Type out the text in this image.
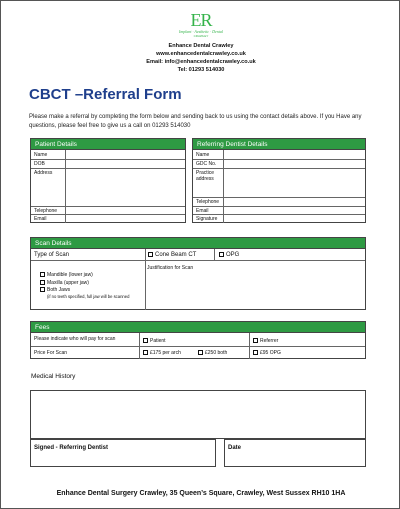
ER
Implant · Aesthetic · Dental
CRAWLEY
Enhance Dental Crawley
www.enhancedentalcrawley.co.uk
Email: info@enhancedentalcrawley.co.uk
Tel: 01293 514030
CBCT –Referral Form
Please make a referral by completing the form below and sending back to us using the contact details above. If you Have any questions, please feel free to give us a call on 01293 514030
Patient Details
Name
DOB
Address
Telephone
Email
Referring Dentist Details
Name
GDC No.
Practice
address
Telephone
Email
Signature
Scan Details
Type of Scan	Cone Beam CT	OPG
Justification for Scan
Mandible (lower jaw)
Maxilla (upper jaw)
Both Jaws
(if no teeth specified, full jaw will be scanned
Fees
Please indicate who will pay for scan	Patient	Referrer
Price For Scan	£175 per arch	£250 both	£95 OPG
Medical History
Signed - Referring Dentist	Date
Enhance Dental Surgery Crawley, 35 Queen’s Square, Crawley, West Sussex RH10 1HA
